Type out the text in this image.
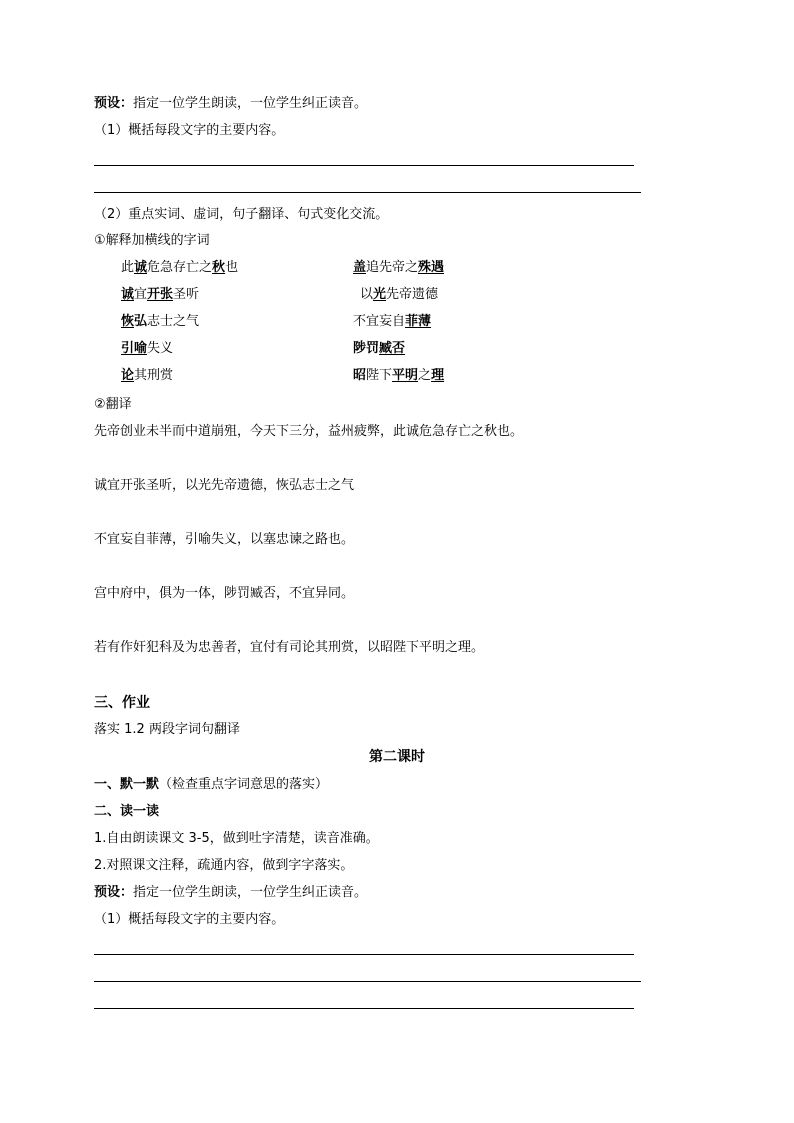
预设：指定一位学生朗读，一位学生纠正读音。
（1）概括每段文字的主要内容。
（2）重点实词、虚词，句子翻译、句式变化交流。
①解释加横线的字词
此诚危急存亡之秋也
诚宜开张圣听
恢弘志士之气
引喻失义
论其刑赏
盖追先帝之殊遇
以光先帝遗德
不宜妄自菲薄
陟罚臧否
昭陛下平明之理
②翻译
先帝创业未半而中道崩殂，今天下三分，益州疲弊，此诚危急存亡之秋也。
诚宜开张圣听，以光先帝遗德，恢弘志士之气
不宜妄自菲薄，引喻失义，以塞忠谏之路也。
宫中府中，俱为一体，陟罚臧否，不宜异同。
若有作奸犯科及为忠善者，宜付有司论其刑赏，以昭陛下平明之理。
三、作业
落实 1.2 两段字词句翻译
第二课时
一、默一默（检查重点字词意思的落实）
二、读一读
1.自由朗读课文 3-5，做到吐字清楚，读音准确。
2.对照课文注释，疏通内容，做到字字落实。
预设：指定一位学生朗读，一位学生纠正读音。
（1）概括每段文字的主要内容。
